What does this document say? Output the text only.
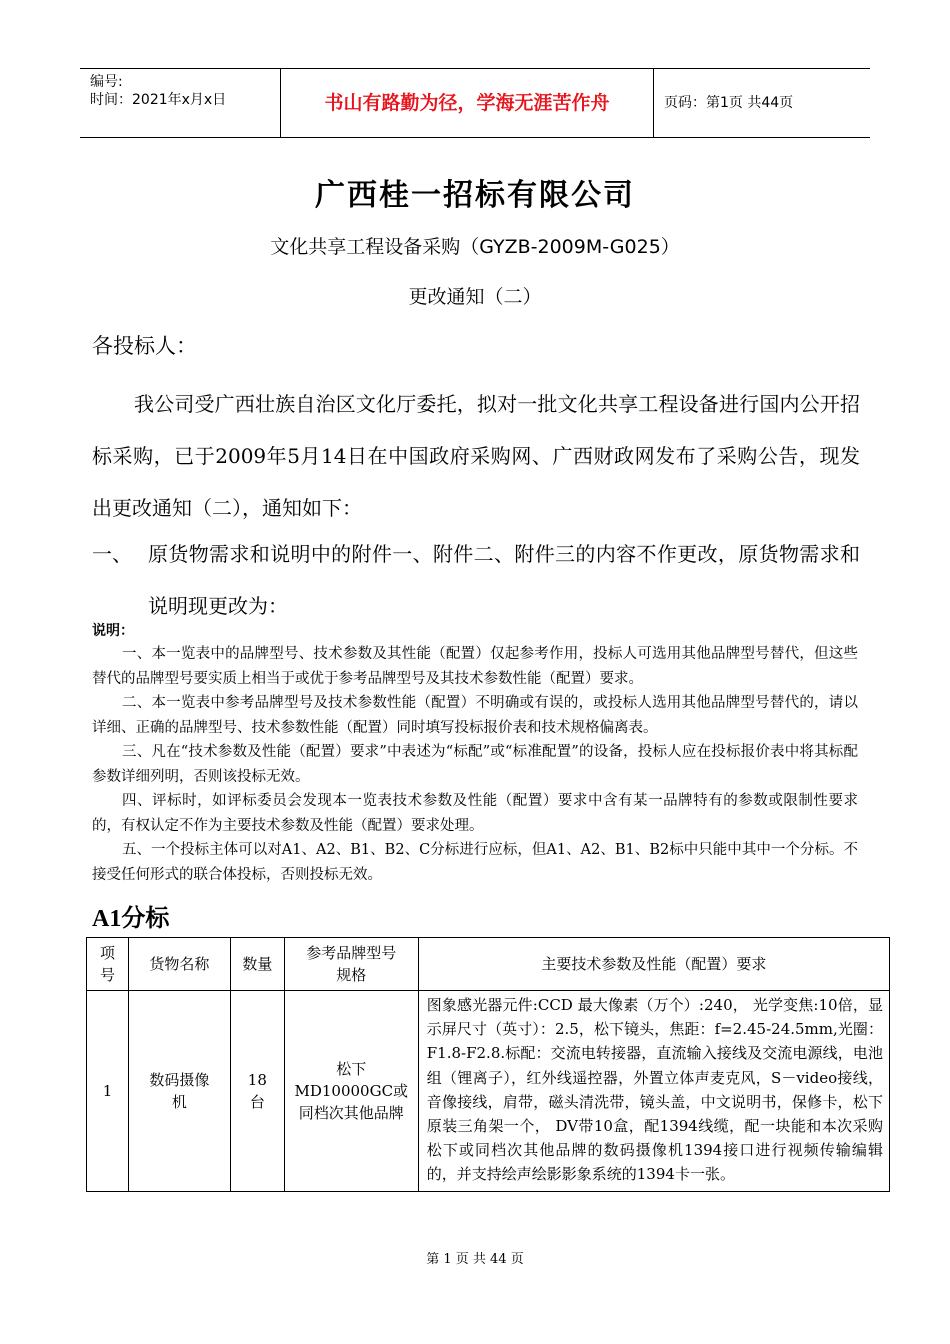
编号:
时间：2021年x月x日	书山有路勤为径，学海无涯苦作舟	页码：第1页 共44页
广西桂一招标有限公司
文化共享工程设备采购（GYZB-2009M-G025）
更改通知（二）
各投标人：
我公司受广西壮族自治区文化厅委托，拟对一批文化共享工程设备进行国内公开招标采购，已于2009年5月14日在中国政府采购网、广西财政网发布了采购公告，现发出更改通知（二），通知如下：
一、 原货物需求和说明中的附件一、附件二、附件三的内容不作更改，原货物需求和说明现更改为：
说明：

一、本一览表中的品牌型号、技术参数及其性能（配置）仅起参考作用，投标人可选用其他品牌型号替代，但这些替代的品牌型号要实质上相当于或优于参考品牌型号及其技术参数性能（配置）要求。

二、本一览表中参考品牌型号及技术参数性能（配置）不明确或有误的，或投标人选用其他品牌型号替代的，请以详细、正确的品牌型号、技术参数性能（配置）同时填写投标报价表和技术规格偏离表。

三、凡在“技术参数及性能（配置）要求”中表述为“标配”或“标准配置”的设备，投标人应在投标报价表中将其标配参数详细列明，否则该投标无效。

四、评标时，如评标委员会发现本一览表技术参数及性能（配置）要求中含有某一品牌特有的参数或限制性要求的，有权认定不作为主要技术参数及性能（配置）要求处理。

五、一个投标主体可以对A1、A2、B1、B2、C分标进行应标，但A1、A2、B1、B2标中只能中其中一个分标。不接受任何形式的联合体投标，否则投标无效。

A1分标
项号	货物名称	数量	参考品牌型号规格	主要技术参数及性能（配置）要求
1	数码摄像机	18台	松下MD10000GC或同档次其他品牌	图象感光器元件:CCD 最大像素（万个）:240， 光学变焦:10倍，显示屏尺寸（英寸）：2.5，松下镜头，焦距：f=2.45-24.5mm,光圈：F1.8-F2.8.标配：交流电转接器，直流输入接线及交流电源线，电池组（锂离子），红外线遥控器，外置立体声麦克风，S－video接线，音像接线，肩带，磁头清洗带，镜头盖，中文说明书，保修卡，松下原装三角架一个， DV带10盒，配1394线缆，配一块能和本次采购松下或同档次其他品牌的数码摄像机1394接口进行视频传输编辑的，并支持绘声绘影影象系统的1394卡一张。
第 1 页 共 44 页
